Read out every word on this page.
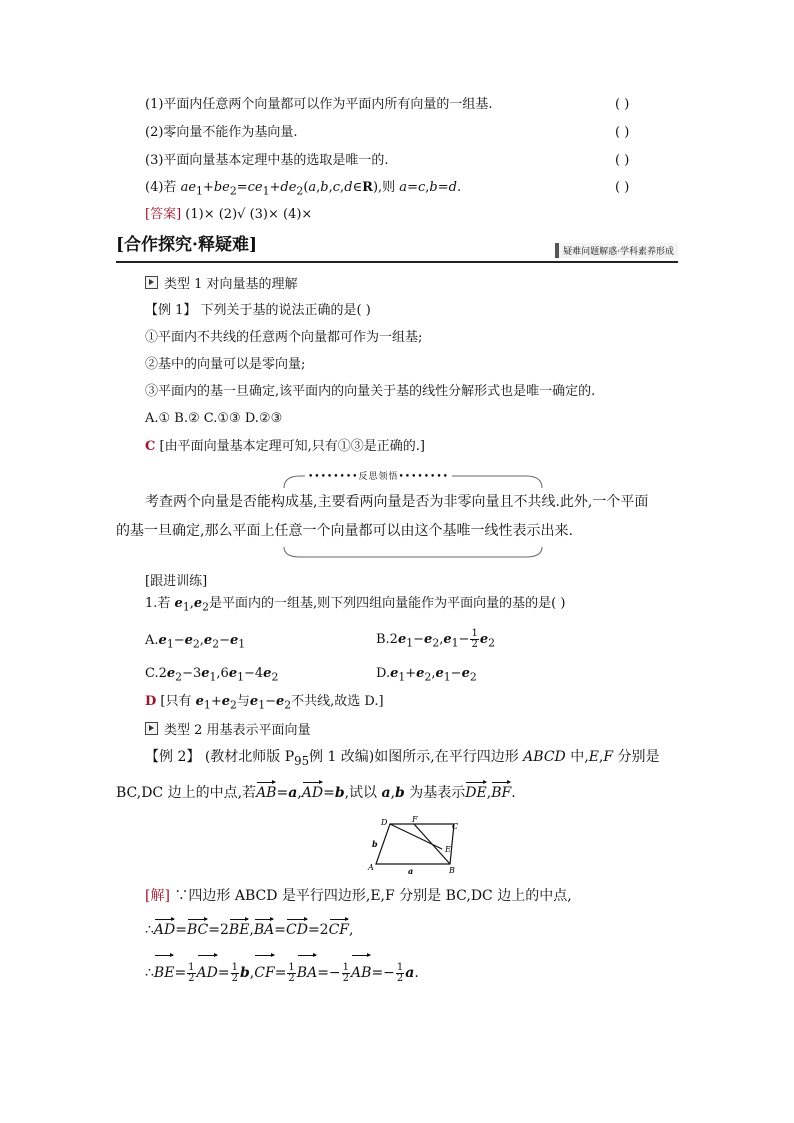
(1)平面内任意两个向量都可以作为平面内所有向量的一组基.	( )
(2)零向量不能作为基向量.	( )
(3)平面向量基本定理中基的选取是唯一的.	( )
(4)若 $ae_1+be_2=ce_1+de_2(a,b,c,d\in R)$,则 a=c,b=d.	( )
[答案] (1)× (2)√ (3)× (4)×
[合作探究·释疑难]	疑难问题解惑·学科素养形成
类型 1 对向量基的理解
【例 1】 下列关于基的说法正确的是( )
①平面内不共线的任意两个向量都可作为一组基;
②基中的向量可以是零向量;
③平面内的基一旦确定,该平面内的向量关于基的线性分解形式也是唯一确定的.
A.① B.② C.①③ D.②③
C [由平面向量基本定理可知,只有①③是正确的.]
••••••••反思领悟••••••••
考查两个向量是否能构成基,主要看两向量是否为非零向量且不共线.此外,一个平面
的基一旦确定,那么平面上任意一个向量都可以由这个基唯一线性表示出来.
[跟进训练]
1.若 $e_1,e_2$是平面内的一组基,则下列四组向量能作为平面向量的基的是( )
$A.e_1-e_2,e_2-e_1$	$B.2e_1-e_2,e_1- \frac{1}{2} e_2$
$C.2e_2-3e_1,6e_1-4e_2$	$D.e_1+e_2,e_1-e_2$
D [只有 $e_1+e_2$与$e_1-e_2$不共线,故选 D.]
类型 2 用基表示平面向量
【例 2】 (教材北师版 $P_{95}$例 1 改编)如图所示,在平行四边形 ABCD 中,E,F 分别是
BC,DC 边上的中点,若AB=a,AD=b,试以 a,b 为基表示DE,BF.
D	F
C
b
E
A	a	B
[解] ∵四边形 ABCD 是平行四边形,E,F 分别是 BC,DC 边上的中点,
∴AD=BC=2BE,BA=CD=2CF,
∴BE= $\frac{1}{2} AD= \frac{1}{2} b,CF= \frac{1}{2} BA=- \frac{1}{2} AB=- \frac{1}{2} a$.
